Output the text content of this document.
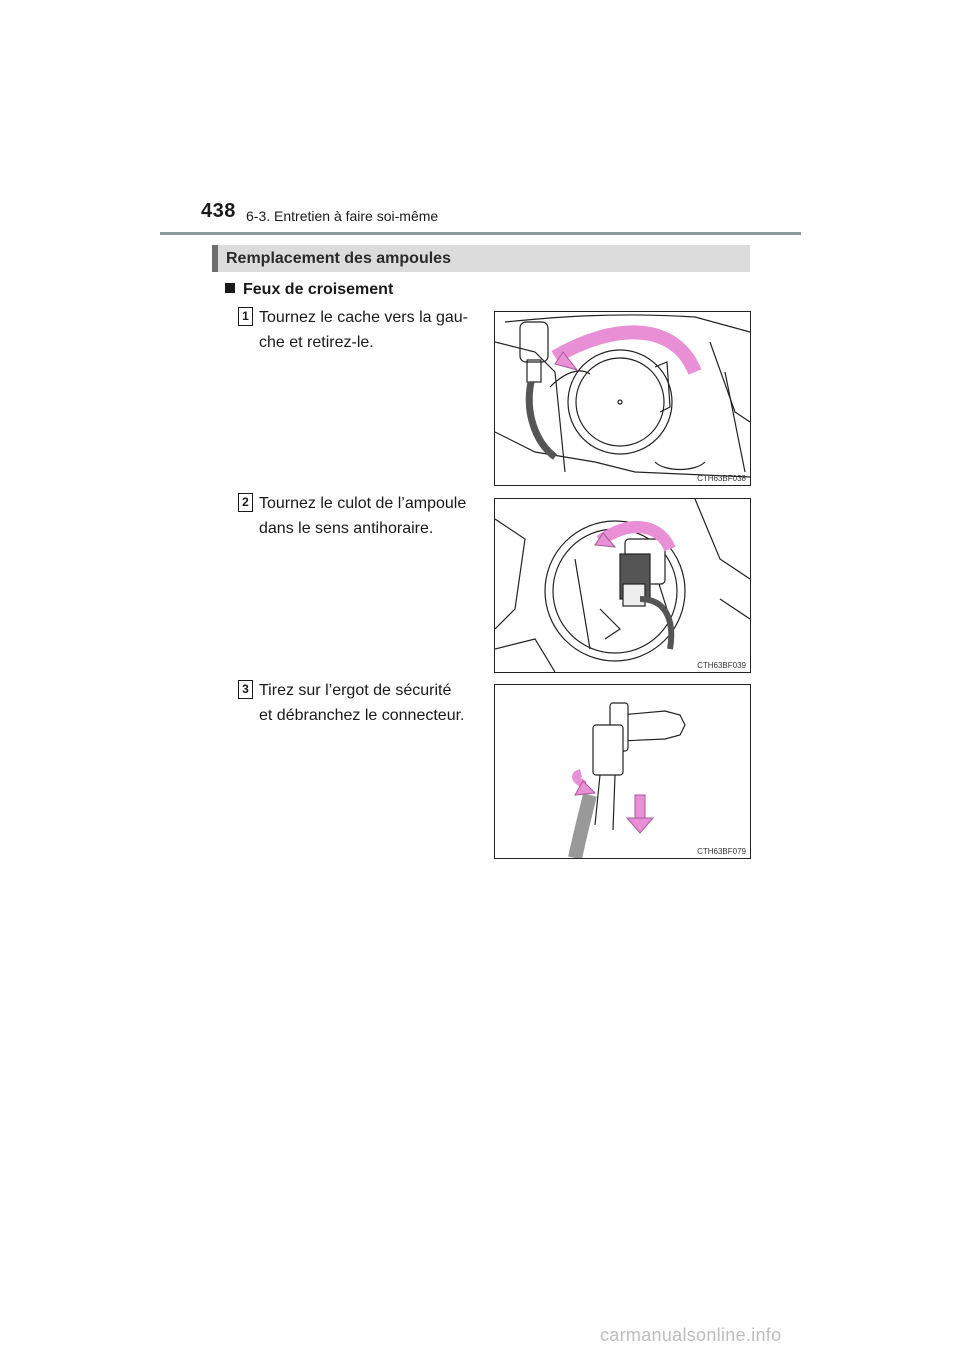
438 6-3. Entretien à faire soi-même
Remplacement des ampoules
Feux de croisement
1 Tournez le cache vers la gau-
che et retirez-le.
CTH63BF038
2 Tournez le culot de l’ampoule
dans le sens antihoraire.
CTH63BF039
3 Tirez sur l’ergot de sécurité
et débranchez le connecteur.
CTH63BF079
carmanualsonline.info
